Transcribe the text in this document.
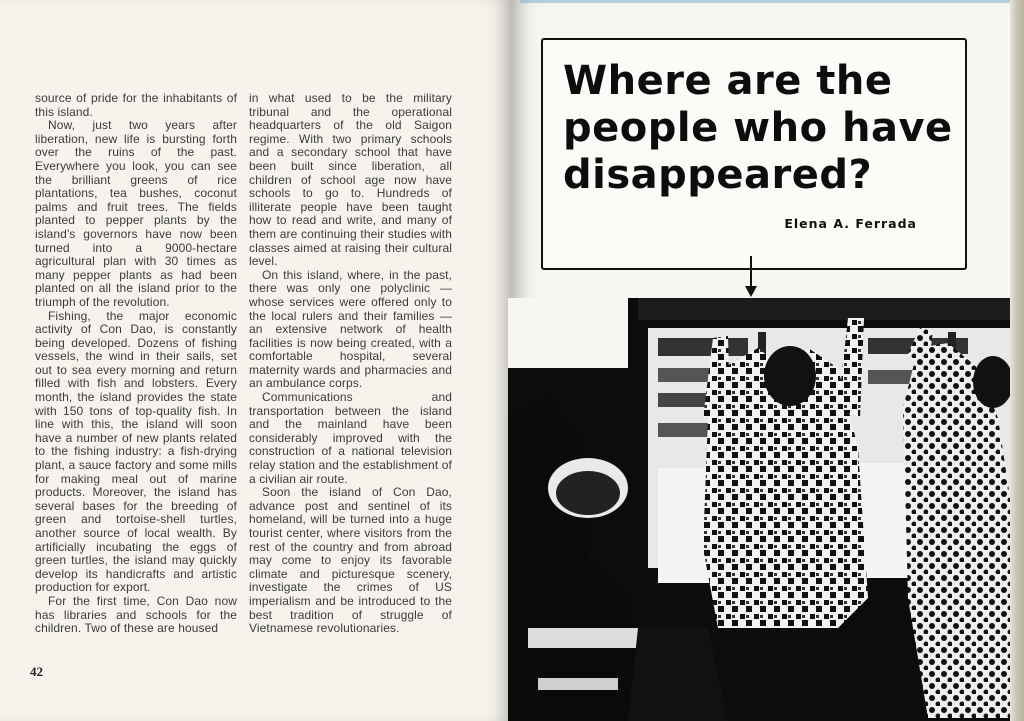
source of pride for the inhabitants of this island.

Now, just two years after liberation, new life is bursting forth over the ruins of the past. Everywhere you look, you can see the brilliant greens of rice plantations, tea bushes, coconut palms and fruit trees. The fields planted to pepper plants by the island's governors have now been turned into a 9000-hectare agricultural plan with 30 times as many pepper plants as had been planted on all the island prior to the triumph of the revolution.

Fishing, the major economic activity of Con Dao, is constantly being developed. Dozens of fishing vessels, the wind in their sails, set out to sea every morning and return filled with fish and lobsters. Every month, the island provides the state with 150 tons of top-quality fish. In line with this, the island will soon have a number of new plants related to the fishing industry: a fish-drying plant, a sauce factory and some mills for making meal out of marine products. Moreover, the island has several bases for the breeding of green and tortoise-shell turtles, another source of local wealth. By artificially incubating the eggs of green turtles, the island may quickly develop its handicrafts and artistic production for export.

For the first time, Con Dao now has libraries and schools for the children. Two of these are housed

in what used to be the military tribunal and the operational headquarters of the old Saigon regime. With two primary schools and a secondary school that have been built since liberation, all children of school age now have schools to go to. Hundreds of illiterate people have been taught how to read and write, and many of them are continuing their studies with classes aimed at raising their cultural level.

On this island, where, in the past, there was only one polyclinic — whose services were offered only to the local rulers and their families — an extensive network of health facilities is now being created, with a comfortable hospital, several maternity wards and pharmacies and an ambulance corps.

Communications and transportation between the island and the mainland have been considerably improved with the construction of a national television relay station and the establishment of a civilian air route.

Soon the island of Con Dao, advance post and sentinel of its homeland, will be turned into a huge tourist center, where visitors from the rest of the country and from abroad may come to enjoy its favorable climate and picturesque scenery, investigate the crimes of US imperialism and be introduced to the best tradition of struggle of Vietnamese revolutionaries.

42
Where are the people who have disappeared?
Elena A. Ferrada
